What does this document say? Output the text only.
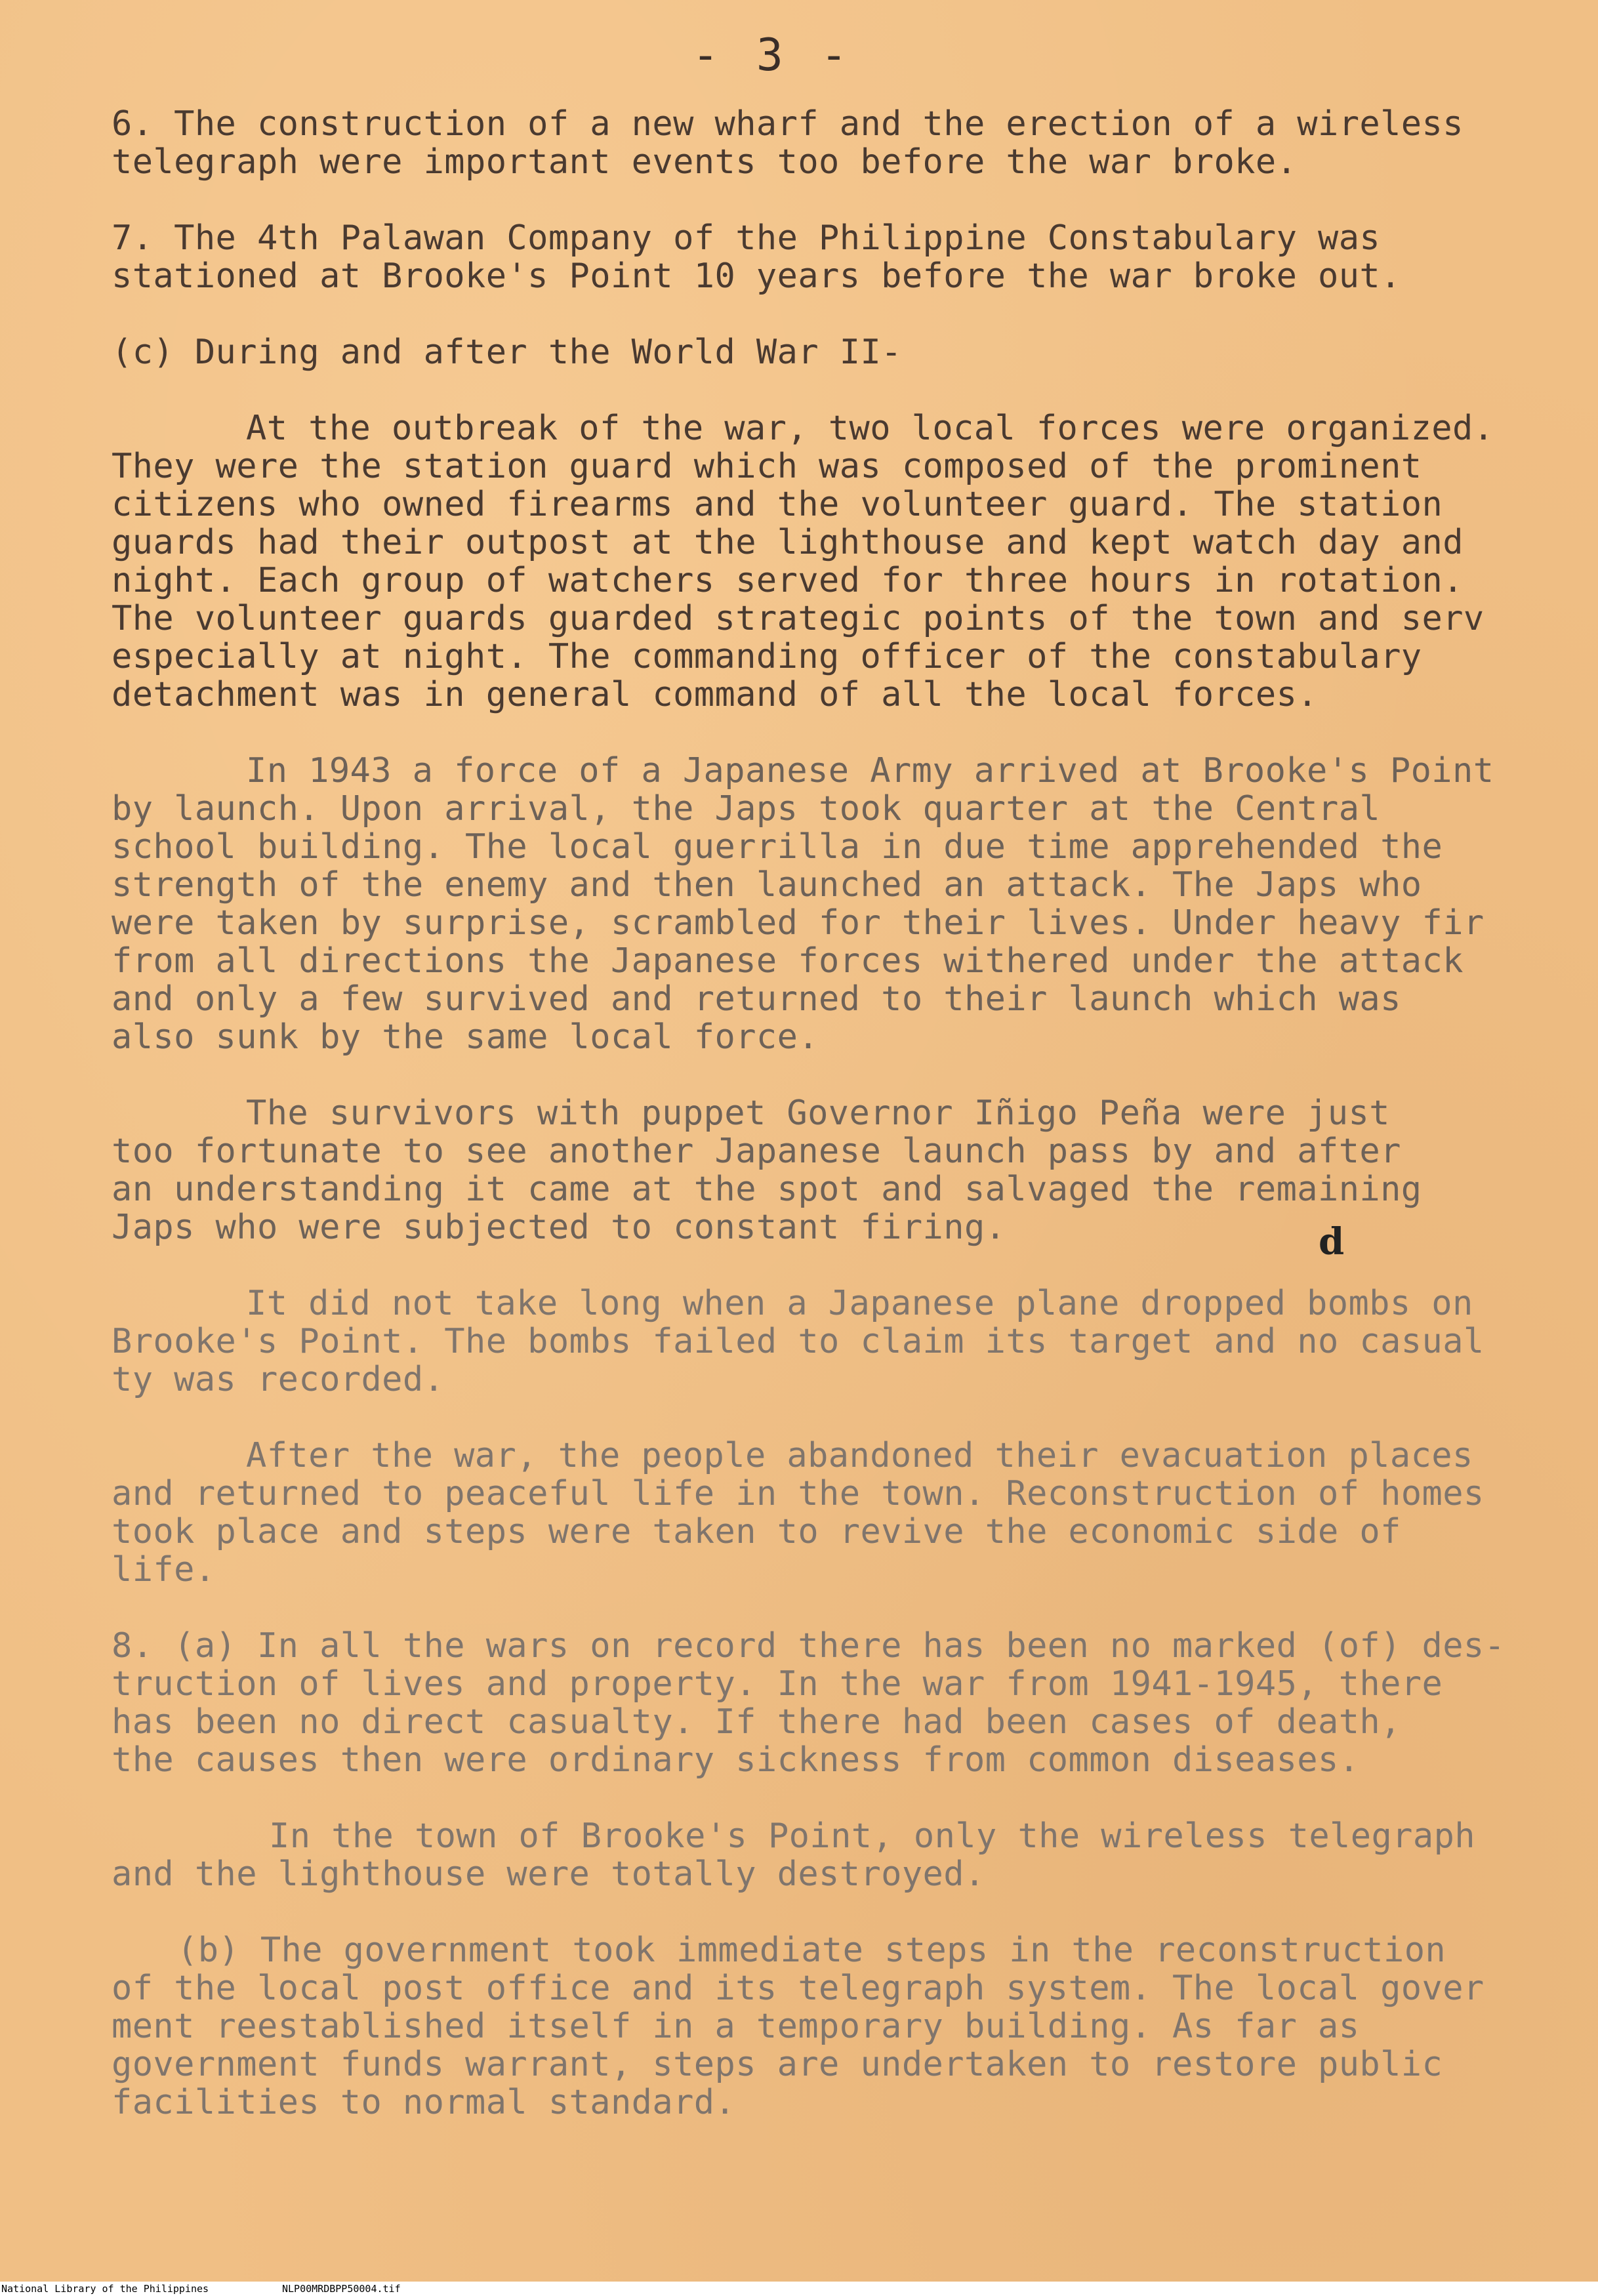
- 3 -
6. The construction of a new wharf and the erection of a wireless
telegraph were important events too before the war broke.
7. The 4th Palawan Company of the Philippine Constabulary was
stationed at Brooke's Point 10 years before the war broke out.
(c) During and after the World War II-
At the outbreak of the war, two local forces were organized.
They were the station guard which was composed of the prominent
citizens who owned firearms and the volunteer guard. The station
guards had their outpost at the lighthouse and kept watch day and
night. Each group of watchers served for three hours in rotation.
The volunteer guards guarded strategic points of the town and serv
especially at night. The commanding officer of the constabulary
detachment was in general command of all the local forces.
In 1943 a force of a Japanese Army arrived at Brooke's Point
by launch. Upon arrival, the Japs took quarter at the Central
school building. The local guerrilla in due time apprehended the
strength of the enemy and then launched an attack. The Japs who
were taken by surprise, scrambled for their lives. Under heavy fir
from all directions the Japanese forces withered under the attack
and only a few survived and returned to their launch which was
also sunk by the same local force.
The survivors with puppet Governor Iñigo Peña were just
too fortunate to see another Japanese launch pass by and after
an understanding it came at the spot and salvaged the remaining
Japs who were subjected to constant firing.
It did not take long when a Japanese plane dropped bombs on
Brooke's Point. The bombs failed to claim its target and no casual
ty was recorded.
After the war, the people abandoned their evacuation places
and returned to peaceful life in the town. Reconstruction of homes
took place and steps were taken to revive the economic side of
life.
8. (a) In all the wars on record there has been no marked (of) des-
truction of lives and property. In the war from 1941-1945, there
has been no direct casualty. If there had been cases of death,
the causes then were ordinary sickness from common diseases.
In the town of Brooke's Point, only the wireless telegraph
and the lighthouse were totally destroyed.
(b) The government took immediate steps in the reconstruction
of the local post office and its telegraph system. The local gover
ment reestablished itself in a temporary building. As far as
government funds warrant, steps are undertaken to restore public
facilities to normal standard.
d
National Library of the Philippines	NLP00MRDBPP50004.tif
